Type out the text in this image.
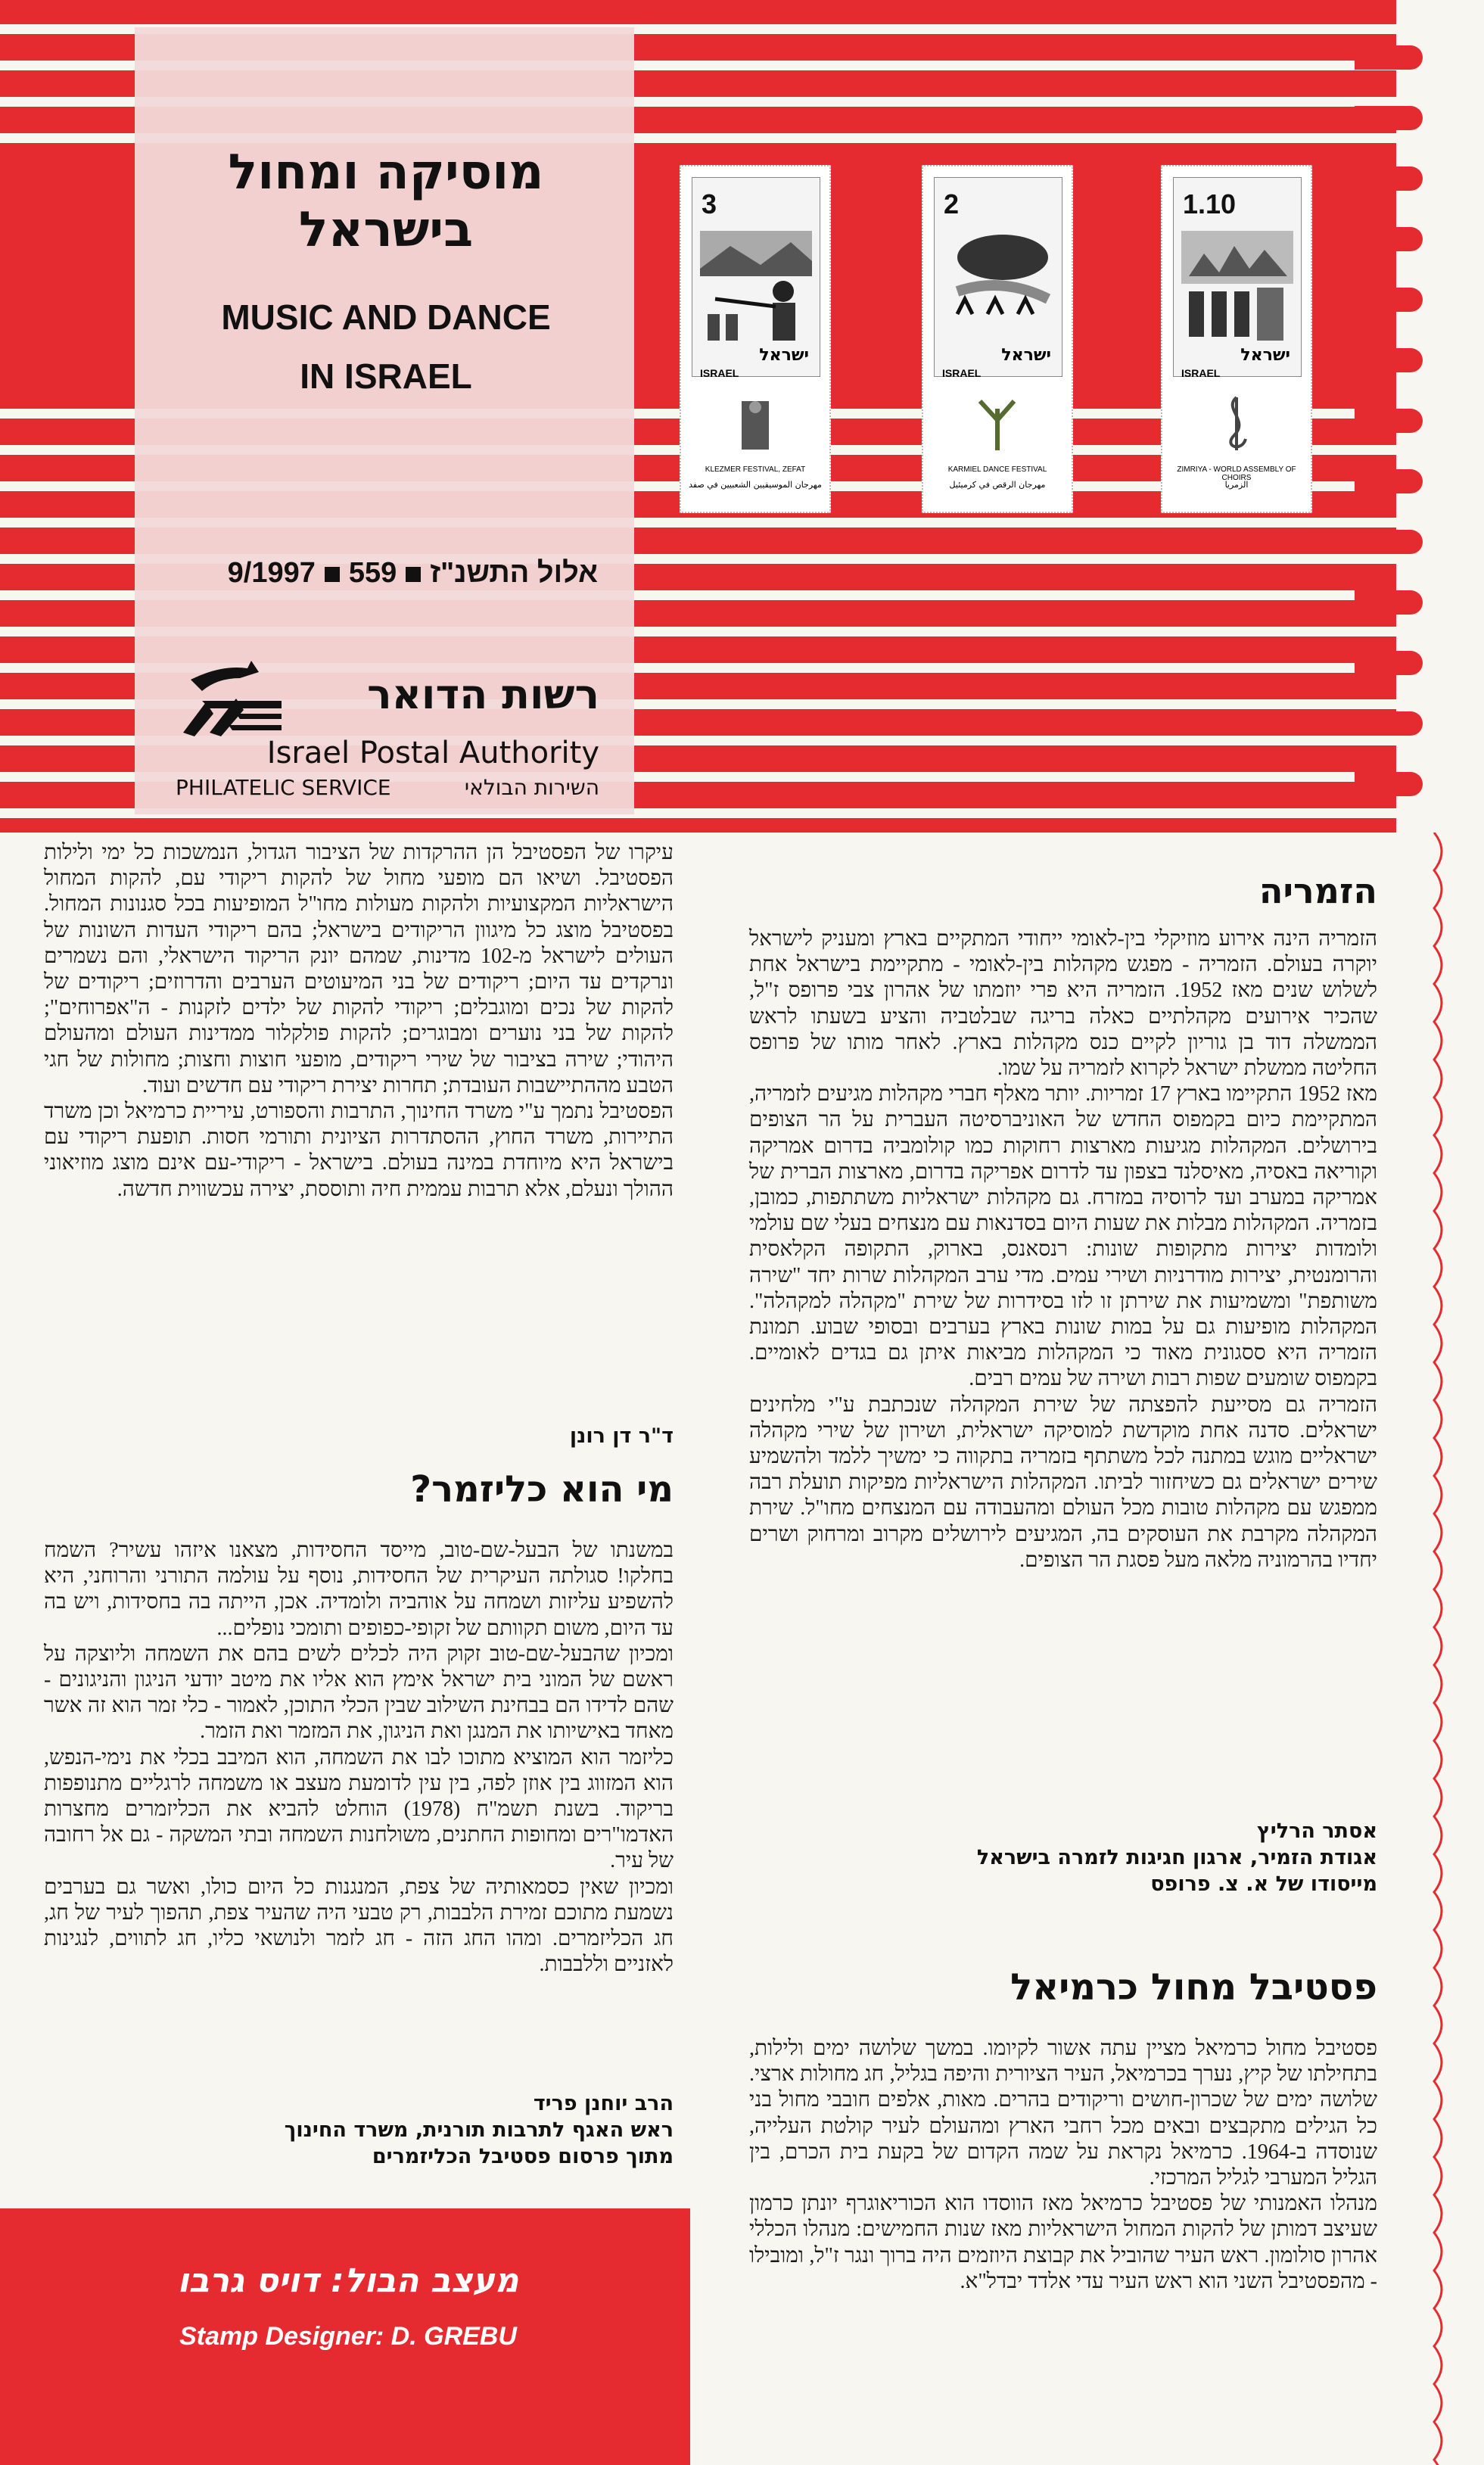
מוסיקה ומחול
בישראל
MUSIC AND DANCE
IN ISRAEL
אלול התשנ"ז9/1997 559
רשות הדואר
Israel Postal Authority
PHILATELIC SERVICE	השירות הבולאי
1.10
ישראל
ISRAEL
ZIMRIYA - WORLD ASSEMBLY OF CHOIRS
الزمريا
2
ישראל
ISRAEL
KARMIEL DANCE FESTIVAL
مهرجان الرقص في كرميئيل
3
ישראל
ISRAEL
KLEZMER FESTIVAL, ZEFAT
مهرجان الموسيقيين الشعبيين في صفد
הזמריה

הזמריה הינה אירוע מוזיקלי בין-לאומי ייחודי המתקיים בארץ ומעניק לישראל יוקרה בעולם. הזמריה - מפגש מקהלות בין-לאומי - מתקיימת בישראל אחת לשלוש שנים מאז 1952. הזמריה היא פרי יוזמתו של אהרון צבי פרופס ז"ל, שהכיר אירועים מקהלתיים כאלה בריגה שבלטביה והציע בשעתו לראש הממשלה דוד בן גוריון לקיים כנס מקהלות בארץ. לאחר מותו של פרופס החליטה ממשלת ישראל לקרוא לזמריה על שמו.

מאז 1952 התקיימו בארץ 17 זמריות. יותר מאלף חברי מקהלות מגיעים לזמריה, המתקיימת כיום בקמפוס החדש של האוניברסיטה העברית על הר הצופים בירושלים. המקהלות מגיעות מארצות רחוקות כמו קולומביה בדרום אמריקה וקוריאה באסיה, מאיסלנד בצפון עד לדרום אפריקה בדרום, מארצות הברית של אמריקה במערב ועד לרוסיה במזרח. גם מקהלות ישראליות משתתפות, כמובן, בזמריה. המקהלות מבלות את שעות היום בסדנאות עם מנצחים בעלי שם עולמי ולומדות יצירות מתקופות שונות: רנסאנס, בארוק, התקופה הקלאסית והרומנטית, יצירות מודרניות ושירי עמים. מדי ערב המקהלות שרות יחד "שירה משותפת" ומשמיעות את שירתן זו לזו בסידרות של שירת "מקהלה למקהלה". המקהלות מופיעות גם על במות שונות בארץ בערבים ובסופי שבוע. תמונת הזמריה היא ססגונית מאוד כי המקהלות מביאות איתן גם בגדים לאומיים. בקמפוס שומעים שפות רבות ושירה של עמים רבים.

הזמריה גם מסייעת להפצתה של שירת המקהלה שנכתבת ע"י מלחינים ישראלים. סדנה אחת מוקדשת למוסיקה ישראלית, ושירון של שירי מקהלה ישראליים מוגש במתנה לכל משתתף בזמריה בתקווה כי ימשיך ללמד ולהשמיע שירים ישראלים גם כשיחזור לביתו. המקהלות הישראליות מפיקות תועלת רבה ממפגש עם מקהלות טובות מכל העולם ומהעבודה עם המנצחים מחו"ל. שירת המקהלה מקרבת את העוסקים בה, המגיעים לירושלים מקרוב ומרחוק ושרים יחדיו בהרמוניה מלאה מעל פסגת הר הצופים.

אסתר הרליץ
אגודת הזמיר, ארגון חגיגות לזמרה בישראל
מייסודו של א. צ. פרופס
פסטיבל מחול כרמיאל

פסטיבל מחול כרמיאל מציין עתה אשור לקיומו. במשך שלושה ימים ולילות, בתחילתו של קיץ, נערך בכרמיאל, העיר הציורית והיפה בגליל, חג מחולות ארצי. שלושה ימים של שכרון-חושים וריקודים בהרים. מאות, אלפים חובבי מחול בני כל הגילים מתקבצים ובאים מכל רחבי הארץ ומהעולם לעיר קולטת העלייה, שנוסדה ב-1964. כרמיאל נקראת על שמה הקדום של בקעת בית הכרם, בין הגליל המערבי לגליל המרכזי.

מנהלו האמנותי של פסטיבל כרמיאל מאז הווסדו הוא הכוריאוגרף יונתן כרמון שעיצב דמותן של להקות המחול הישראליות מאז שנות החמישים: מנהלו הכללי אהרון סולומון. ראש העיר שהוביל את קבוצת היוזמים היה ברוך ונגר ז"ל, ומובילו - מהפסטיבל השני הוא ראש העיר עדי אלדד יבדל"א.

עיקרו של הפסטיבל הן ההרקדות של הציבור הגדול, הנמשכות כל ימי ולילות הפסטיבל. ושיאו הם מופעי מחול של להקות ריקודי עם, להקות המחול הישראליות המקצועיות ולהקות מעולות מחו"ל המופיעות בכל סגנונות המחול. בפסטיבל מוצג כל מיגוון הריקודים בישראל; בהם ריקודי העדות השונות של העולים לישראל מ-102 מדינות, שמהם יונק הריקוד הישראלי, והם נשמרים ונרקדים עד היום; ריקודים של בני המיעוטים הערבים והדרוזים; ריקודים של להקות של נכים ומוגבלים; ריקודי להקות של ילדים לזקנות - ה"אפרוחים"; להקות של בני נוערים ומבוגרים; להקות פולקלור ממדינות העולם ומהעולם היהודי; שירה בציבור של שירי ריקודים, מופעי חוצות וחצות; מחולות של חגי הטבע מההתיישבות העובדת; תחרות יצירת ריקודי עם חדשים ועוד.

הפסטיבל נתמך ע"י משרד החינוך, התרבות והספורט, עיריית כרמיאל וכן משרד התיירות, משרד החוץ, ההסתדרות הציונית ותורמי חסות. תופעת ריקודי עם בישראל היא מיוחדת במינה בעולם. בישראל - ריקודי-עם אינם מוצג מוזיאוני ההולך ונעלם, אלא תרבות עממית חיה ותוססת, יצירה עכשווית חדשה.

ד"ר דן רונן
מי הוא כליזמר?

במשנתו של הבעל-שם-טוב, מייסד החסידות, מצאנו איזהו עשיר? השמח בחלקו! סגולתה העיקרית של החסידות, נוסף על עולמה התורני והרוחני, היא להשפיע עליזות ושמחה על אוהביה ולומדיה. אכן, הייתה בה בחסידות, ויש בה עד היום, משום תקוותם של זקופי-כפופים ותומכי נופלים...

ומכיון שהבעל-שם-טוב זקוק היה לכלים לשים בהם את השמחה וליוצקה על ראשם של המוני בית ישראל אימץ הוא אליו את מיטב יודעי הניגון והניגונים - שהם לדידו הם בבחינת השילוב שבין הכלי התוכן, לאמור - כלי זמר הוא זה אשר מאחד באישיותו את המנגן ואת הניגון, את המזמר ואת הזמר.

כליזמר הוא המוציא מתוכו לבו את השמחה, הוא המיבב בכלי את נימי-הנפש, הוא המזווג בין אוזן לפה, בין עין לדומעת מעצב או משמחה לרגליים מתנופפות בריקוד. בשנת תשמ"ח (1978) הוחלט להביא את הכליזמרים מחצרות האדמו"רים ומחופות החתנים, משולחנות השמחה ובתי המשקה - גם אל רחובה של עיר.

ומכיון שאין כסמאותיה של צפת, המנגנות כל היום כולו, ואשר גם בערבים נשמעת מתוכם זמירת הלבבות, רק טבעי היה שהעיר צפת, תהפוך לעיר של חג, חג הכליזמרים. ומהו החג הזה - חג לזמר ולנושאי כליו, חג לתווים, לנגינות לאזניים וללבבות.

הרב יוחנן פריד
ראש האגף לתרבות תורנית, משרד החינוך
מתוך פרסום פסטיבל הכליזמרים
מעצב הבול: דויס גרבו
Stamp Designer: D. GREBU
